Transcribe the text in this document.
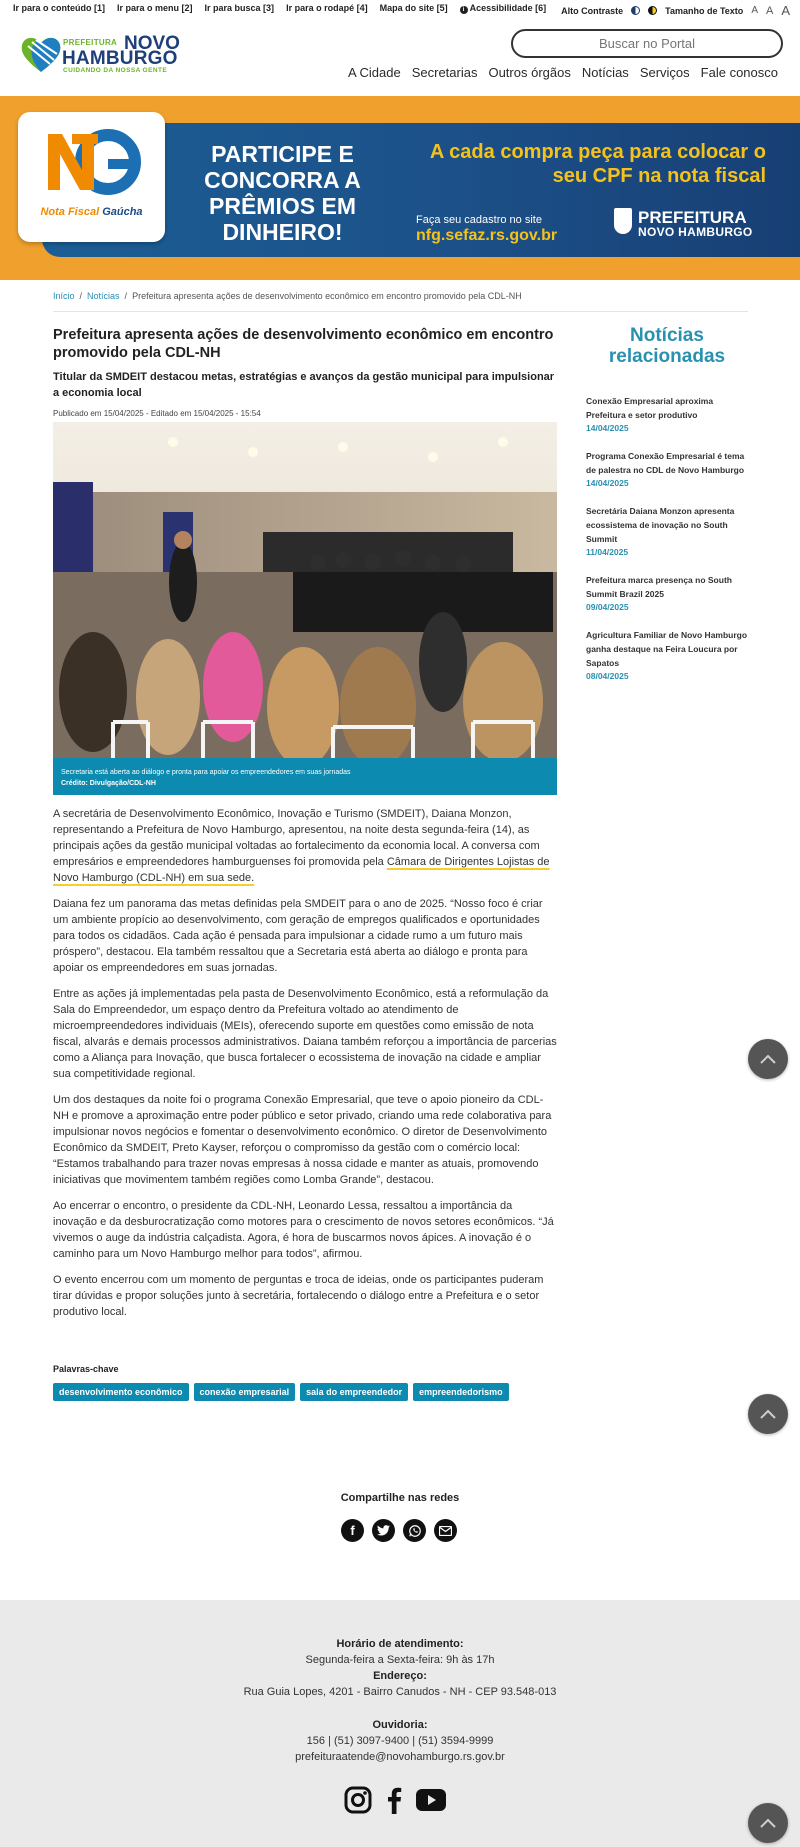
Ir para o conteúdo [1] Ir para o menu [2] Ir para busca [3] Ir para o rodapé [4] Mapa do site [5]	i Acessibilidade [6] Alto Contraste	Tamanho de Texto A A A
PREFEITURA NOVO
HAMBURGO
CUIDANDO DA NOSSA GENTE
Buscar no Portal	A Cidade Secretarias Outros órgãos Notícias Serviços Fale conosco
Nota Fiscal Gaúcha
PARTICIPE E CONCORRA A PRÊMIOS EM DINHEIRO!
A cada compra peça para colocar o seu CPF na nota fiscal
Faça seu cadastro no site
nfg.sefaz.rs.gov.br
PREFEITURA
NOVO HAMBURGO
Início / Notícias / Prefeitura apresenta ações de desenvolvimento econômico em encontro promovido pela CDL-NH
Prefeitura apresenta ações de desenvolvimento econômico em encontro promovido pela CDL-NH
Titular da SMDEIT destacou metas, estratégias e avanços da gestão municipal para impulsionar a economia local
Publicado em 15/04/2025 - Editado em 15/04/2025 - 15:54
Secretaria está aberta ao diálogo e pronta para apoiar os empreendedores em suas jornadas
Crédito: Divulgação/CDL-NH

A secretária de Desenvolvimento Econômico, Inovação e Turismo (SMDEIT), Daiana Monzon, representando a Prefeitura de Novo Hamburgo, apresentou, na noite desta segunda-feira (14), as principais ações da gestão municipal voltadas ao fortalecimento da economia local. A conversa com empresários e empreendedores hamburguenses foi promovida pela Câmara de Dirigentes Lojistas de Novo Hamburgo (CDL-NH) em sua sede.

Daiana fez um panorama das metas definidas pela SMDEIT para o ano de 2025. “Nosso foco é criar um ambiente propício ao desenvolvimento, com geração de empregos qualificados e oportunidades para todos os cidadãos. Cada ação é pensada para impulsionar a cidade rumo a um futuro mais próspero”, destacou. Ela também ressaltou que a Secretaria está aberta ao diálogo e pronta para apoiar os empreendedores em suas jornadas.

Entre as ações já implementadas pela pasta de Desenvolvimento Econômico, está a reformulação da Sala do Empreendedor, um espaço dentro da Prefeitura voltado ao atendimento de microempreendedores individuais (MEIs), oferecendo suporte em questões como emissão de nota fiscal, alvarás e demais processos administrativos. Daiana também reforçou a importância de parcerias como a Aliança para Inovação, que busca fortalecer o ecossistema de inovação na cidade e ampliar sua competitividade regional.

Um dos destaques da noite foi o programa Conexão Empresarial, que teve o apoio pioneiro da CDL-NH e promove a aproximação entre poder público e setor privado, criando uma rede colaborativa para impulsionar novos negócios e fomentar o desenvolvimento econômico. O diretor de Desenvolvimento Econômico da SMDEIT, Preto Kayser, reforçou o compromisso da gestão com o comércio local: “Estamos trabalhando para trazer novas empresas à nossa cidade e manter as atuais, promovendo iniciativas que movimentem também regiões como Lomba Grande”, destacou.

Ao encerrar o encontro, o presidente da CDL-NH, Leonardo Lessa, ressaltou a importância da inovação e da desburocratização como motores para o crescimento de novos setores econômicos. “Já vivemos o auge da indústria calçadista. Agora, é hora de buscarmos novos ápices. A inovação é o caminho para um Novo Hamburgo melhor para todos”, afirmou.

O evento encerrou com um momento de perguntas e troca de ideias, onde os participantes puderam tirar dúvidas e propor soluções junto à secretária, fortalecendo o diálogo entre a Prefeitura e o setor produtivo local.

Palavras-chave
desenvolvimento econômico	conexão empresarial	sala do empreendedor	empreendedorismo
Notícias relacionadas
Conexão Empresarial aproxima Prefeitura e setor produtivo
14/04/2025
Programa Conexão Empresarial é tema de palestra no CDL de Novo Hamburgo
14/04/2025
Secretária Daiana Monzon apresenta ecossistema de inovação no South Summit
11/04/2025
Prefeitura marca presença no South Summit Brazil 2025
09/04/2025
Agricultura Familiar de Novo Hamburgo ganha destaque na Feira Loucura por Sapatos
08/04/2025
Compartilhe nas redes
f
Horário de atendimento:
Segunda-feira a Sexta-feira: 9h às 17h
Endereço:
Rua Guia Lopes, 4201 - Bairro Canudos - NH - CEP 93.548-013
Ouvidoria:
156 | (51) 3097-9400 | (51) 3594-9999
prefeituraatende@novohamburgo.rs.gov.br
